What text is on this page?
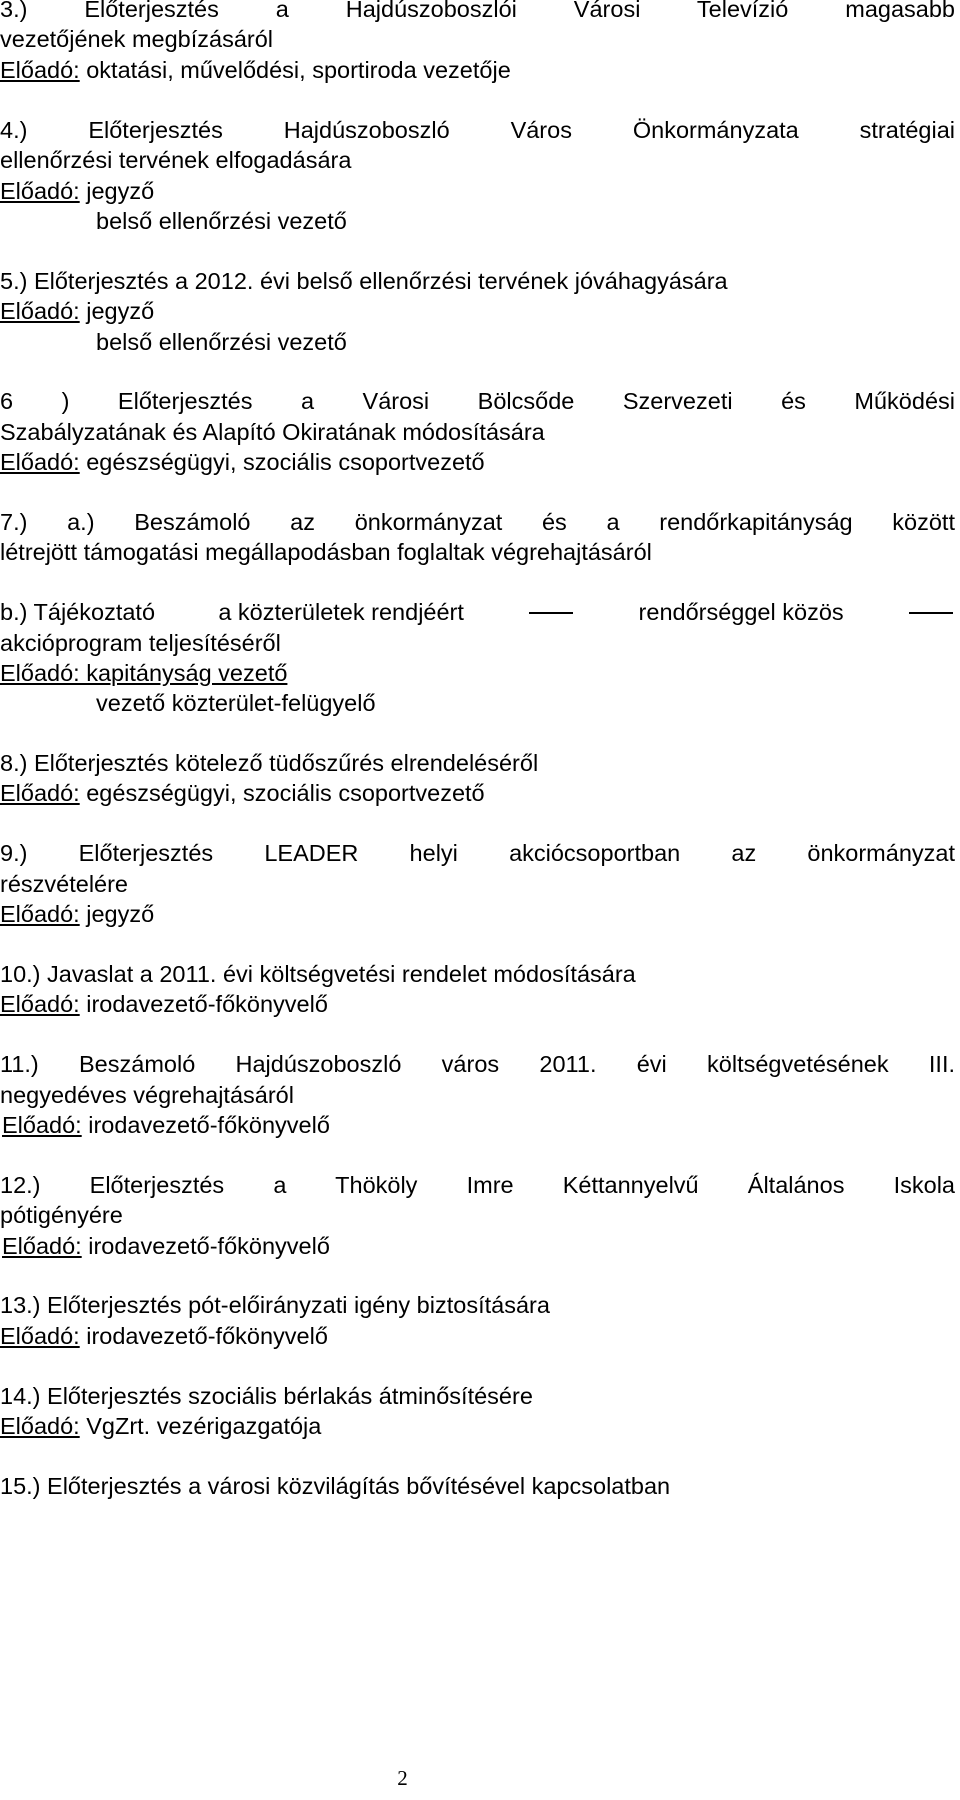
3.) Előterjesztés a Hajdúszoboszlói Városi Televízió magasabb
vezetőjének megbízásáról
Előadó: oktatási, művelődési, sportiroda vezetője
4.) Előterjesztés Hajdúszoboszló Város Önkormányzata stratégiai
ellenőrzési tervének elfogadására
Előadó: jegyző
belső ellenőrzési vezető
5.) Előterjesztés a 2012. évi belső ellenőrzési tervének jóváhagyására
Előadó: jegyző
belső ellenőrzési vezető
6 ) Előterjesztés a Városi Bölcsőde Szervezeti és Működési
Szabályzatának és Alapító Okiratának módosítására
Előadó: egészségügyi, szociális csoportvezető
7.) a.) Beszámoló az önkormányzat és a rendőrkapitányság között
létrejött támogatási megállapodásban foglaltak végrehajtásáról
b.) Tájékoztató	a közterületek rendjéért	rendőrséggel közös
akcióprogram teljesítéséről
Előadó: kapitányság vezető
vezető közterület-felügyelő
8.) Előterjesztés kötelező tüdőszűrés elrendeléséről
Előadó: egészségügyi, szociális csoportvezető
9.) Előterjesztés LEADER helyi akciócsoportban az önkormányzat
részvételére
Előadó: jegyző
10.) Javaslat a 2011. évi költségvetési rendelet módosítására
Előadó: irodavezető-főkönyvelő
11.) Beszámoló Hajdúszoboszló város 2011. évi költségvetésének III.
negyedéves végrehajtásáról
Előadó: irodavezető-főkönyvelő
12.) Előterjesztés a Thököly Imre Kéttannyelvű Általános Iskola
pótigényére
Előadó: irodavezető-főkönyvelő
13.) Előterjesztés pót-előirányzati igény biztosítására
Előadó: irodavezető-főkönyvelő
14.) Előterjesztés szociális bérlakás átminősítésére
Előadó: VgZrt. vezérigazgatója
15.) Előterjesztés a városi közvilágítás bővítésével kapcsolatban
2
